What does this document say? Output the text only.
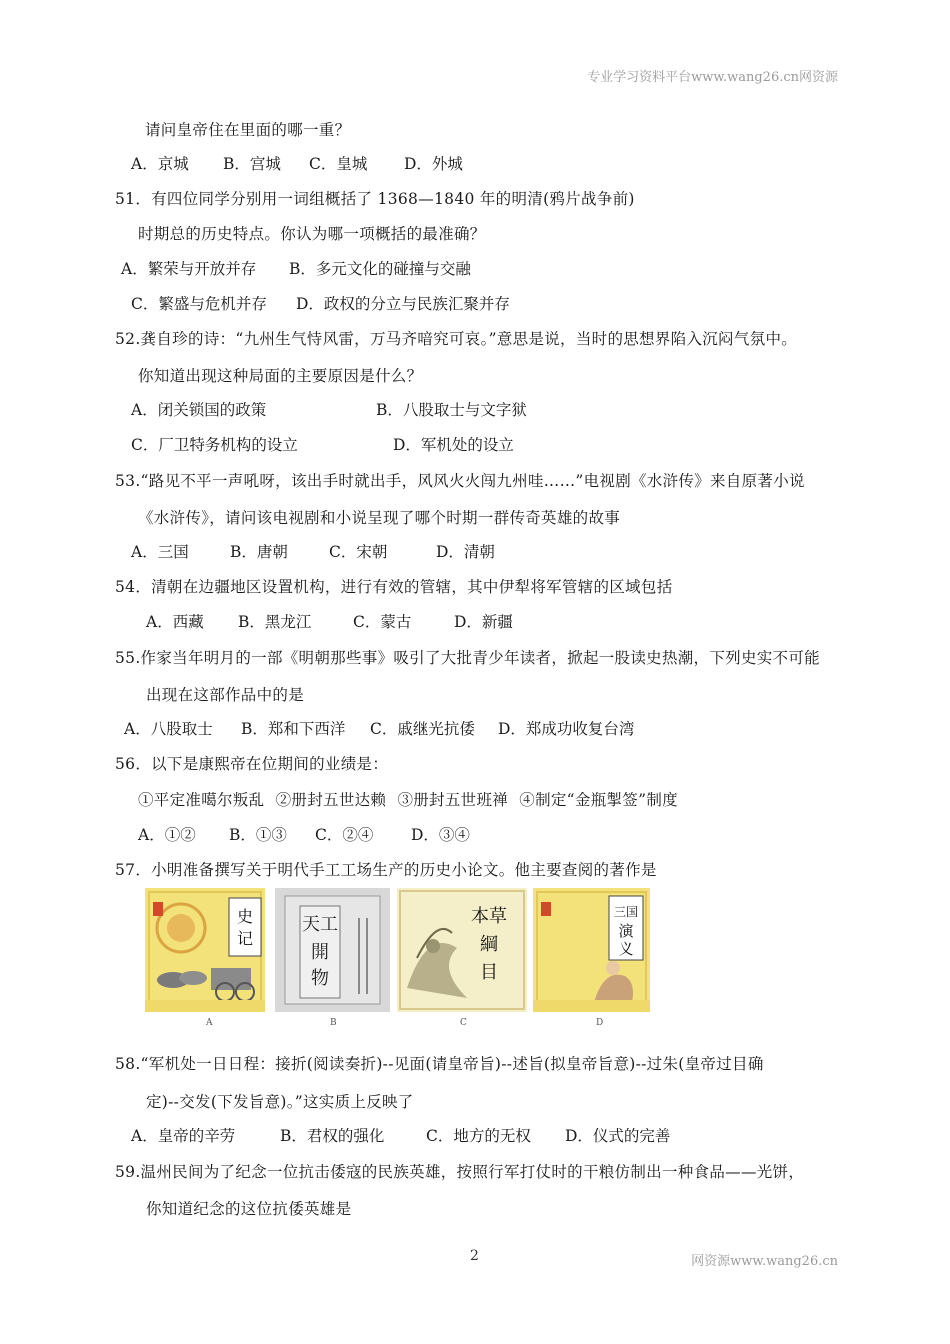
专业学习资料平台www.wang26.cn网资源
请问皇帝住在里面的哪一重？
A．京城 B．宫城 C．皇城 D．外城
51．有四位同学分别用一词组概括了 1368—1840 年的明清(鸦片战争前)
时期总的历史特点。你认为哪一项概括的最准确？
A．繁荣与开放并存 B．多元文化的碰撞与交融
C．繁盛与危机并存 D．政权的分立与民族汇聚并存
52.龚自珍的诗：“九州生气恃风雷，万马齐喑究可哀。”意思是说，当时的思想界陷入沉闷气氛中。
你知道出现这种局面的主要原因是什么？
A．闭关锁国的政策	B．八股取士与文字狱
C．厂卫特务机构的设立	D．军机处的设立
53.“路见不平一声吼呀，该出手时就出手，风风火火闯九州哇……”电视剧《水浒传》来自原著小说
《水浒传》，请问该电视剧和小说呈现了哪个时期一群传奇英雄的故事
A．三国	B．唐朝	C．宋朝	D．清朝
54．清朝在边疆地区设置机构，进行有效的管辖，其中伊犁将军管辖的区域包括
A．西藏 B．黑龙江	C．蒙古	D．新疆
55.作家当年明月的一部《明朝那些事》吸引了大批青少年读者，掀起一股读史热潮，下列史实不可能
出现在这部作品中的是
A．八股取士 B．郑和下西洋 C．戚继光抗倭 D．郑成功收复台湾
56．以下是康熙帝在位期间的业绩是：
①平定准噶尔叛乱 ②册封五世达赖 ③册封五世班禅 ④制定“金瓶掣签”制度
A．①② B．①③ C．②④ D．③④
57．小明准备撰写关于明代手工工场生产的历史小论文。他主要查阅的著作是
史
记
天工
開
物
本草
綱
目
三国
演
义
A	B	C	D
58.“军机处一日日程：接折(阅读奏折)--见面(请皇帝旨)--述旨(拟皇帝旨意)--过朱(皇帝过目确
定)--交发(下发旨意)。”这实质上反映了
A．皇帝的辛劳	B．君权的强化	C．地方的无权 D．仪式的完善
59.温州民间为了纪念一位抗击倭寇的民族英雄，按照行军打仗时的干粮仿制出一种食品——光饼，
你知道纪念的这位抗倭英雄是
2	网资源www.wang26.cn
